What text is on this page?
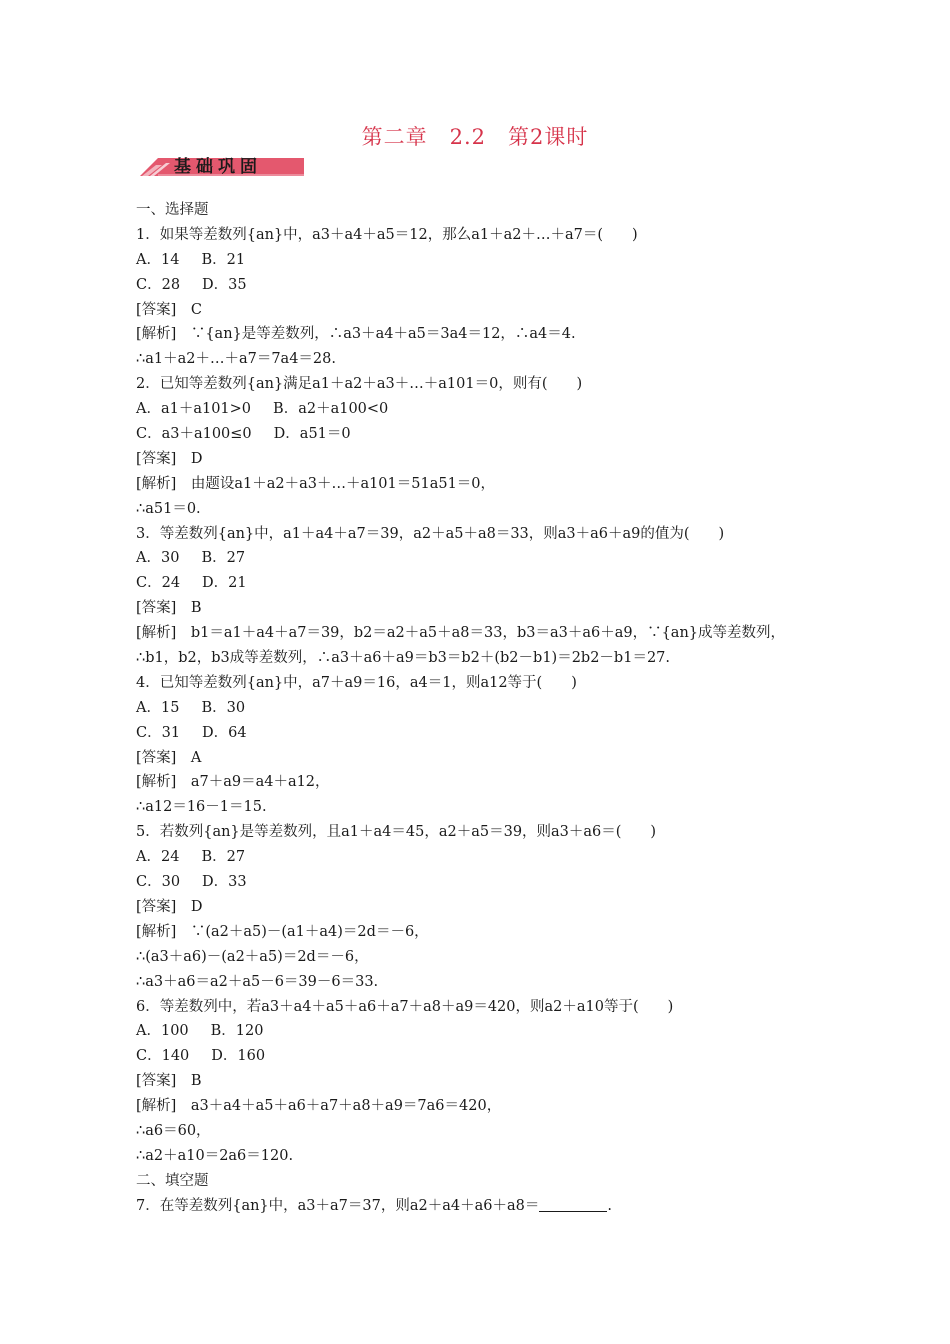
第二章　2.2　第2课时
基础巩固
一、选择题
1．如果等差数列{an}中，a3＋a4＋a5＝12，那么a1＋a2＋…＋a7＝(　　)
A．14 B．21
C．28 D．35
[答案]　 C
[解析]　 ∵{an}是等差数列，∴a3＋a4＋a5＝3a4＝12，∴a4＝4.
∴a1＋a2＋…＋a7＝7a4＝28.
2．已知等差数列{an}满足a1＋a2＋a3＋…＋a101＝0，则有(　　)
A．a1＋a101>0 B．a2＋a100<0
C．a3＋a100≤0 D．a51＝0
[答案]　 D
[解析]　 由题设a1＋a2＋a3＋…＋a101＝51a51＝0，
∴a51＝0.
3．等差数列{an}中，a1＋a4＋a7＝39，a2＋a5＋a8＝33，则a3＋a6＋a9的值为(　　)
A．30 B．27
C．24 D．21
[答案]　 B
[解析]　 b1＝a1＋a4＋a7＝39，b2＝a2＋a5＋a8＝33，b3＝a3＋a6＋a9，∵{an}成等差数列，
∴b1，b2，b3成等差数列，∴a3＋a6＋a9＝b3＝b2＋(b2－b1)＝2b2－b1＝27.
4．已知等差数列{an}中，a7＋a9＝16，a4＝1，则a12等于(　　)
A．15 B．30
C．31 D．64
[答案]　 A
[解析]　 a7＋a9＝a4＋a12，
∴a12＝16－1＝15.
5．若数列{an}是等差数列，且a1＋a4＝45，a2＋a5＝39，则a3＋a6＝(　　)
A．24 B．27
C．30 D．33
[答案]　 D
[解析]　 ∵(a2＋a5)－(a1＋a4)＝2d＝－6，
∴(a3＋a6)－(a2＋a5)＝2d＝－6，
∴a3＋a6＝a2＋a5－6＝39－6＝33.
6．等差数列中，若a3＋a4＋a5＋a6＋a7＋a8＋a9＝420，则a2＋a10等于(　　)
A．100 B．120
C．140 D．160
[答案]　 B
[解析]　 a3＋a4＋a5＋a6＋a7＋a8＋a9＝7a6＝420，
∴a6＝60，
∴a2＋a10＝2a6＝120.
二、填空题
7．在等差数列{an}中，a3＋a7＝37，则a2＋a4＋a6＋a8＝	.
